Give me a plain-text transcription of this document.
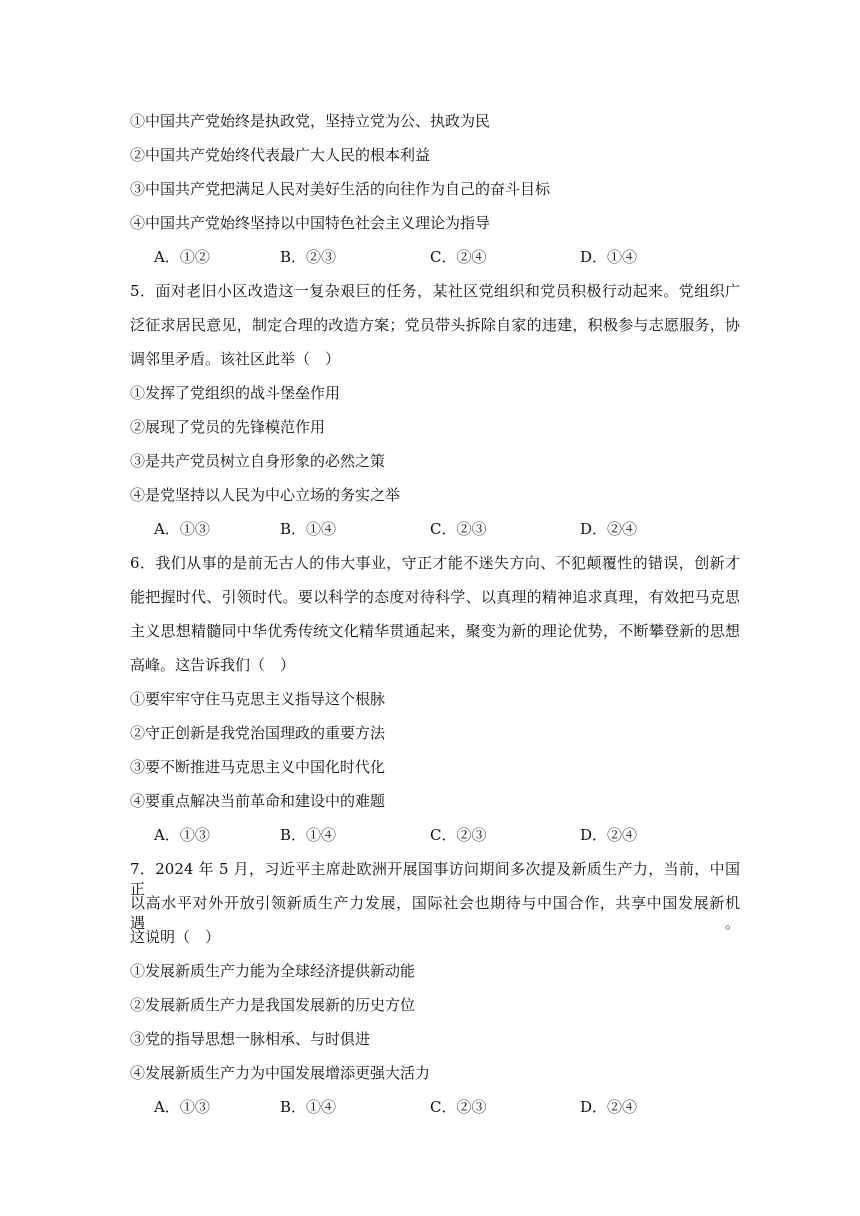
①中国共产党始终是执政党，坚持立党为公、执政为民
②中国共产党始终代表最广大人民的根本利益
③中国共产党把满足人民对美好生活的向往作为自己的奋斗目标
④中国共产党始终坚持以中国特色社会主义理论为指导
A．①②	B．②③	C．②④	D．①④
5．面对老旧小区改造这一复杂艰巨的任务，某社区党组织和党员积极行动起来。党组织广
泛征求居民意见，制定合理的改造方案；党员带头拆除自家的违建，积极参与志愿服务，协
调邻里矛盾。该社区此举（　）
①发挥了党组织的战斗堡垒作用
②展现了党员的先锋模范作用
③是共产党员树立自身形象的必然之策
④是党坚持以人民为中心立场的务实之举
A．①③	B．①④	C．②③	D．②④
6．我们从事的是前无古人的伟大事业，守正才能不迷失方向、不犯颠覆性的错误，创新才
能把握时代、引领时代。要以科学的态度对待科学、以真理的精神追求真理，有效把马克思
主义思想精髓同中华优秀传统文化精华贯通起来，聚变为新的理论优势，不断攀登新的思想
高峰。这告诉我们（　）
①要牢牢守住马克思主义指导这个根脉
②守正创新是我党治国理政的重要方法
③要不断推进马克思主义中国化时代化
④要重点解决当前革命和建设中的难题
A．①③	B．①④	C．②③	D．②④
7．2024 年 5 月，习近平主席赴欧洲开展国事访问期间多次提及新质生产力，当前，中国正
以高水平对外开放引领新质生产力发展，国际社会也期待与中国合作，共享中国发展新机遇。
这说明（　）
①发展新质生产力能为全球经济提供新动能
②发展新质生产力是我国发展新的历史方位
③党的指导思想一脉相承、与时俱进
④发展新质生产力为中国发展增添更强大活力
A．①③	B．①④	C．②③	D．②④
